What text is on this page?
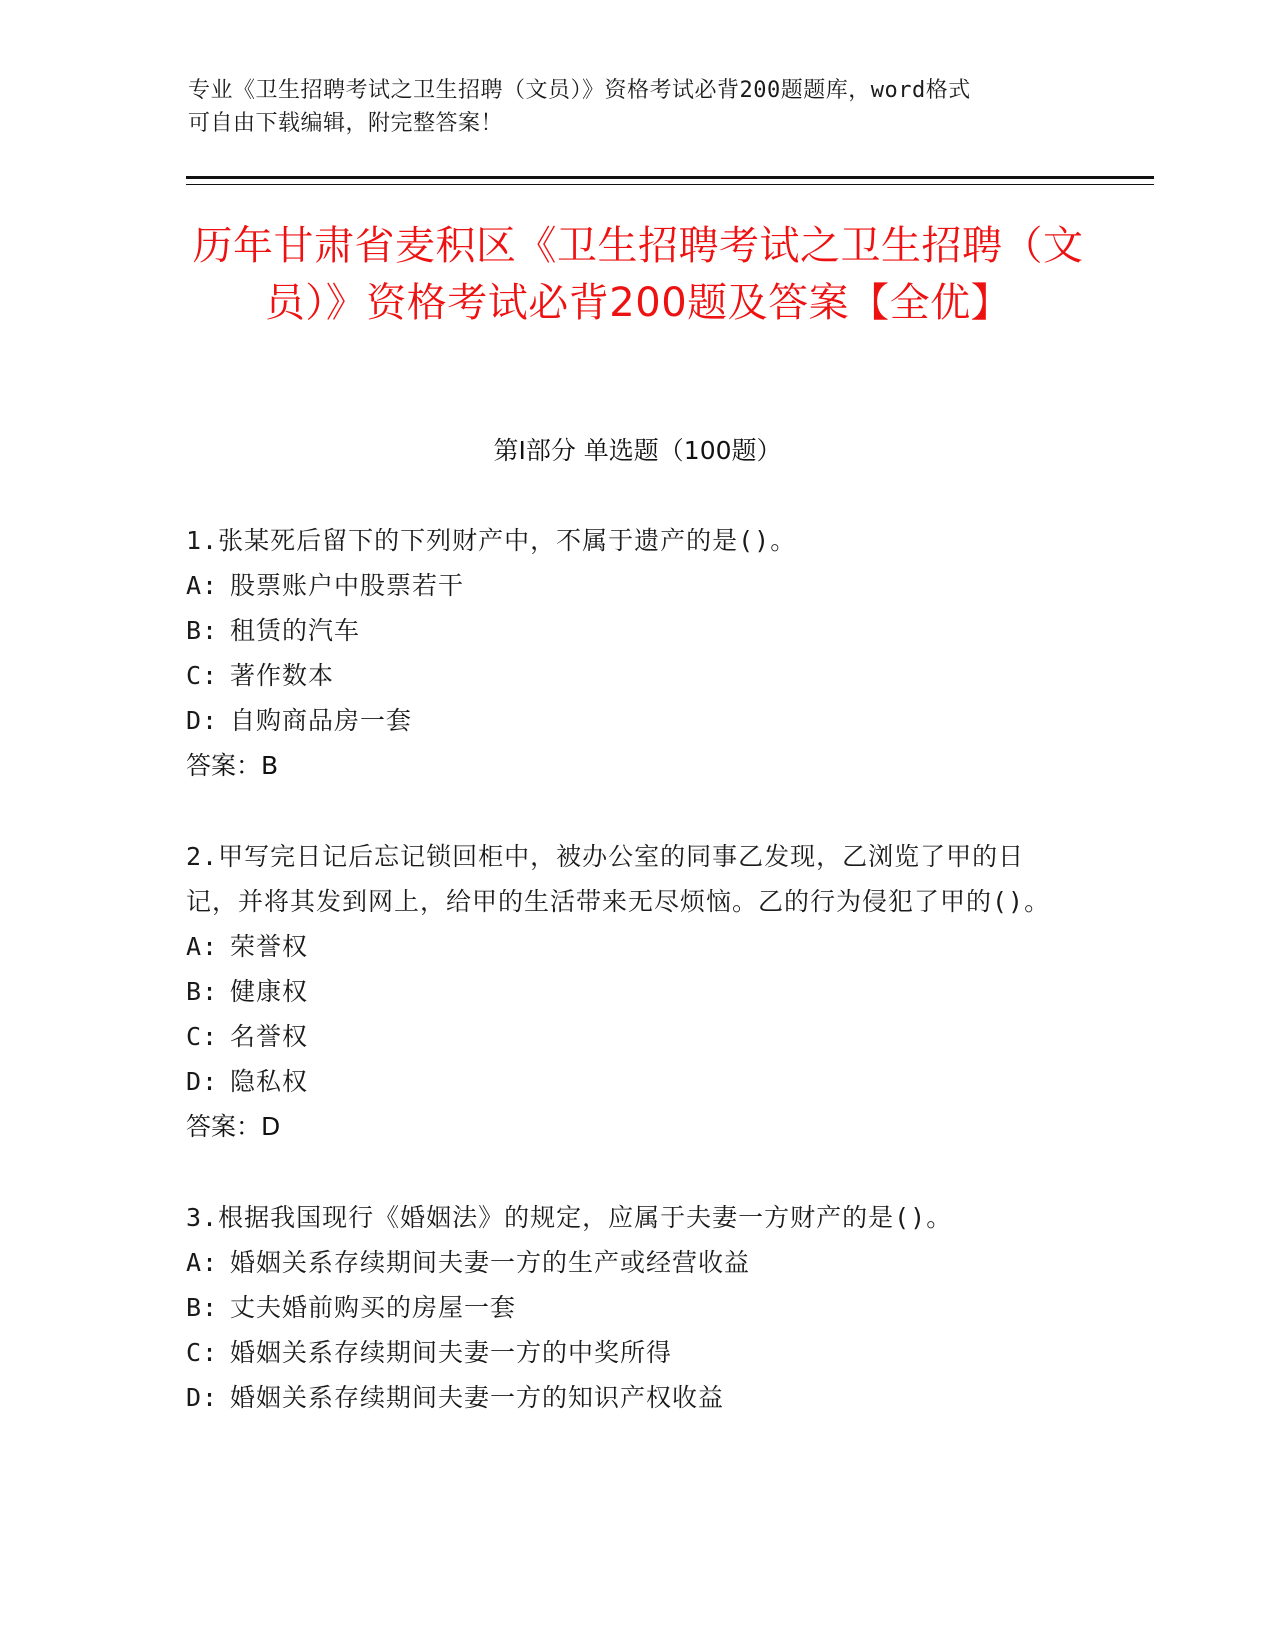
专业《卫生招聘考试之卫生招聘（文员）》资格考试必背200题题库，word格式

可自由下载编辑，附完整答案！

历年甘肃省麦积区《卫生招聘考试之卫生招聘（文员）》资格考试必背200题及答案【全优】
第Ⅰ部分 单选题（100题）

1.张某死后留下的下列财产中，不属于遗产的是()。

A: 股票账户中股票若干

B: 租赁的汽车

C: 著作数本

D: 自购商品房一套

答案：B

2.甲写完日记后忘记锁回柜中，被办公室的同事乙发现，乙浏览了甲的日记，并将其发到网上，给甲的生活带来无尽烦恼。乙的行为侵犯了甲的()。

A: 荣誉权

B: 健康权

C: 名誉权

D: 隐私权

答案：D

3.根据我国现行《婚姻法》的规定，应属于夫妻一方财产的是()。

A: 婚姻关系存续期间夫妻一方的生产或经营收益

B: 丈夫婚前购买的房屋一套

C: 婚姻关系存续期间夫妻一方的中奖所得

D: 婚姻关系存续期间夫妻一方的知识产权收益
